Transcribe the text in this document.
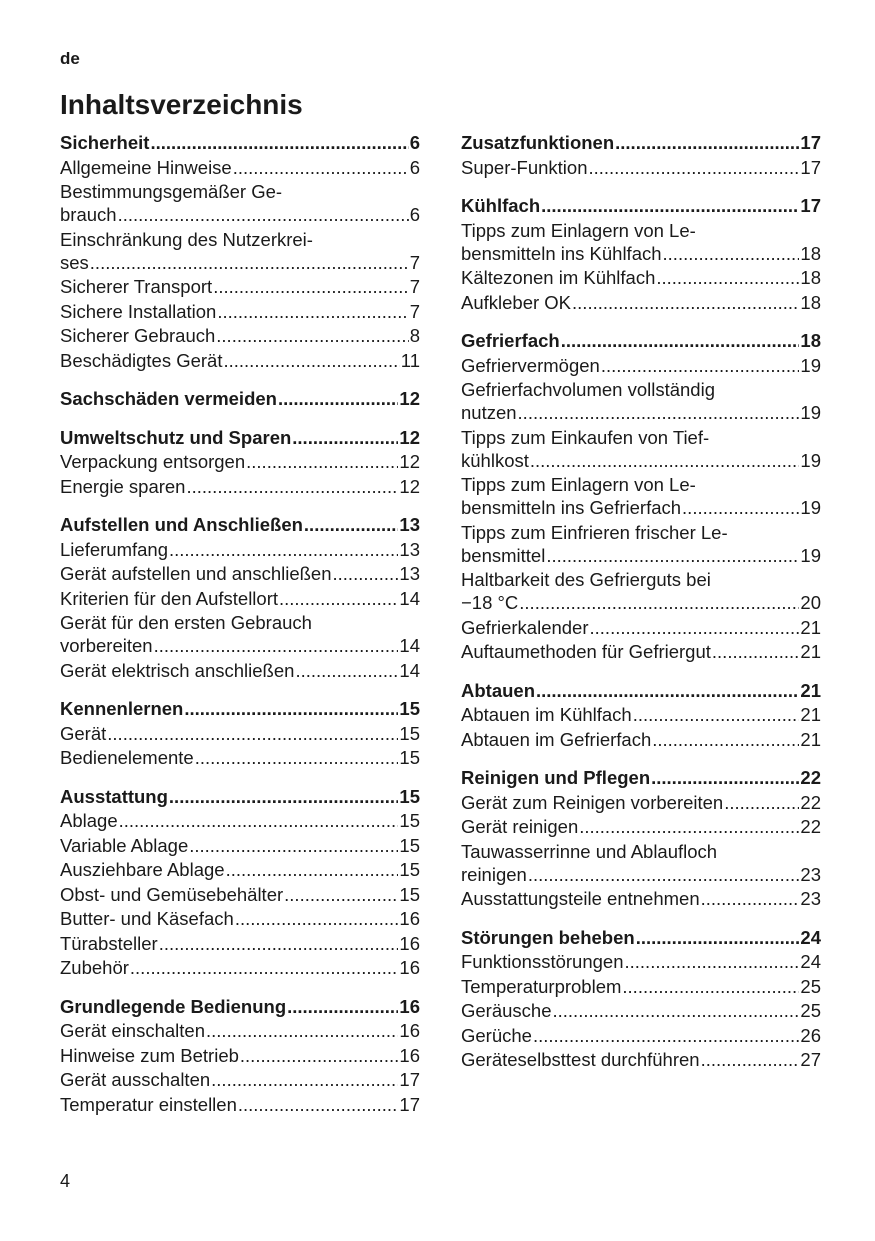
de
Inhaltsverzeichnis
Sicherheit .....	6
Allgemeine Hinweise .....	6
Bestimmungsgemäßer Ge-
brauch .....	6
Einschränkung des Nutzerkrei-
ses .....	7
Sicherer Transport .....	7
Sichere Installation .....	7
Sicherer Gebrauch .....	8
Beschädigtes Gerät .....	11
Sachschäden vermeiden .....	12
Umweltschutz und Sparen .....	12
Verpackung entsorgen .....	12
Energie sparen .....	12
Aufstellen und Anschließen .....	13
Lieferumfang .....	13
Gerät aufstellen und anschließen .....	13
Kriterien für den Aufstellort .....	14
Gerät für den ersten Gebrauch
vorbereiten .....	14
Gerät elektrisch anschließen .....	14
Kennenlernen .....	15
Gerät .....	15
Bedienelemente .....	15
Ausstattung .....	15
Ablage .....	15
Variable Ablage .....	15
Ausziehbare Ablage .....	15
Obst- und Gemüsebehälter .....	15
Butter- und Käsefach .....	16
Türabsteller .....	16
Zubehör .....	16
Grundlegende Bedienung .....	16
Gerät einschalten .....	16
Hinweise zum Betrieb .....	16
Gerät ausschalten .....	17
Temperatur einstellen .....	17
Zusatzfunktionen .....	17
Super-Funktion .....	17
Kühlfach .....	17
Tipps zum Einlagern von Le-
bensmitteln ins Kühlfach .....	18
Kältezonen im Kühlfach .....	18
Aufkleber OK .....	18
Gefrierfach .....	18
Gefriervermögen .....	19
Gefrierfachvolumen vollständig
nutzen .....	19
Tipps zum Einkaufen von Tief-
kühlkost .....	19
Tipps zum Einlagern von Le-
bensmitteln ins Gefrierfach .....	19
Tipps zum Einfrieren frischer Le-
bensmittel .....	19
Haltbarkeit des Gefrierguts bei
−18 °C .....	20
Gefrierkalender .....	21
Auftaumethoden für Gefriergut .....	21
Abtauen .....	21
Abtauen im Kühlfach .....	21
Abtauen im Gefrierfach .....	21
Reinigen und Pflegen .....	22
Gerät zum Reinigen vorbereiten .....	22
Gerät reinigen .....	22
Tauwasserrinne und Ablaufloch
reinigen .....	23
Ausstattungsteile entnehmen .....	23
Störungen beheben .....	24
Funktionsstörungen .....	24
Temperaturproblem .....	25
Geräusche .....	25
Gerüche .....	26
Geräteselbsttest durchführen .....	27
4
